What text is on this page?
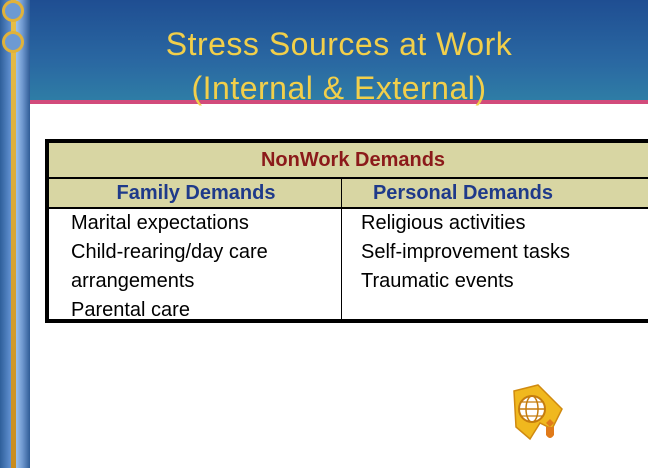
Stress Sources at Work
(Internal & External)
NonWork Demands
Family Demands	Personal Demands
Marital expectations
Child-rearing/day care
arrangements
Parental care
Religious activities
Self-improvement tasks
Traumatic events
